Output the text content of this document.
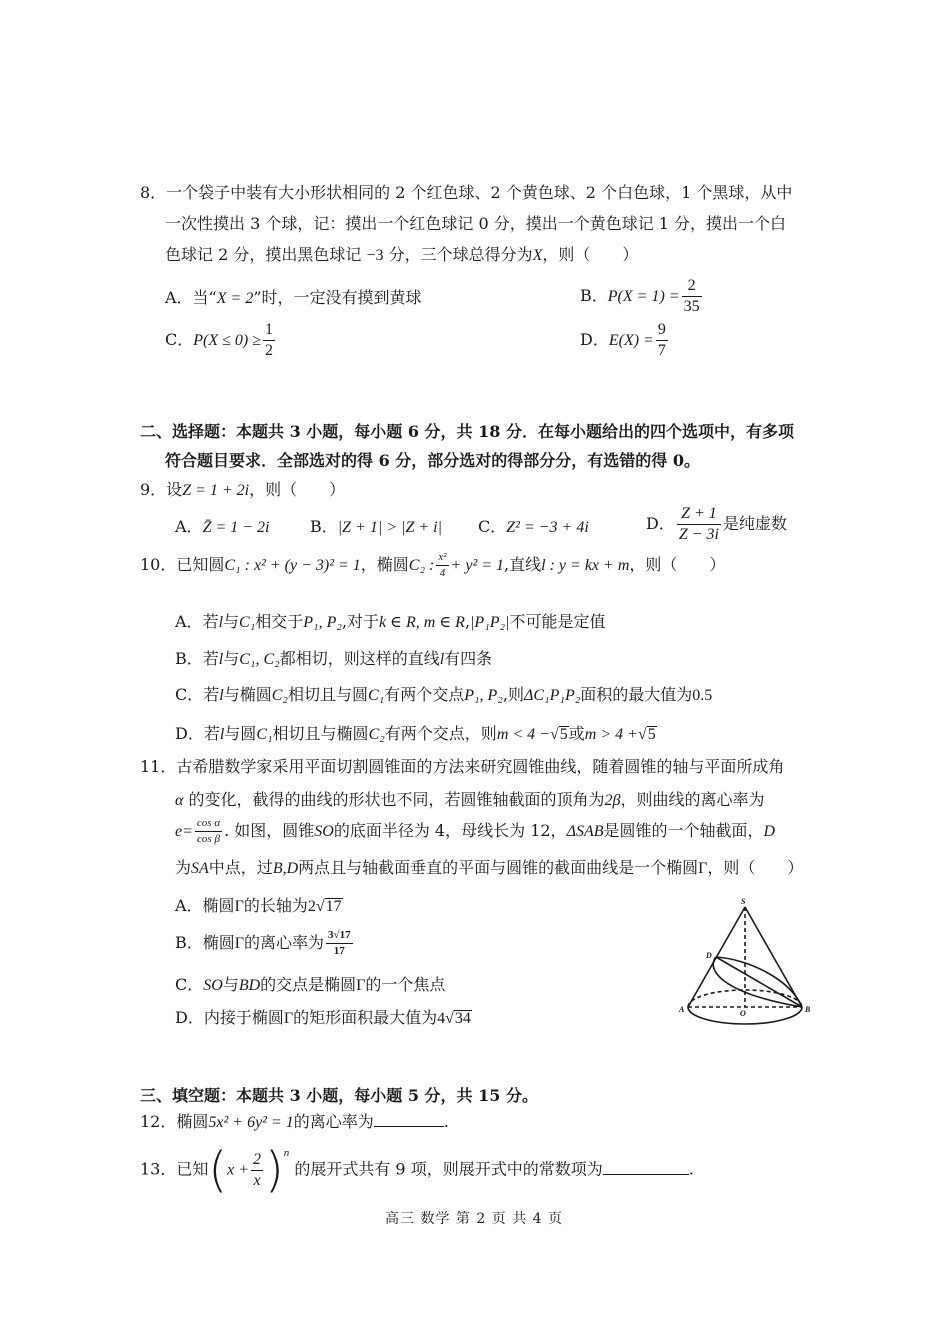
8．一个袋子中装有大小形状相同的 2 个红色球、2 个黄色球、2 个白色球，1 个黑球，从中
一次性摸出 3 个球，记：摸出一个红色球记 0 分，摸出一个黄色球记 1 分，摸出一个白
色球记 2 分，摸出黑色球记 −3 分，三个球总得分为X，则（　　）
A．当“X = 2”时，一定没有摸到黄球	B．$P(X = 1) = \frac{2}{35}$
C．$P(X \le 0) \ge \frac{1}{2}$	D．$E(X) = \frac{9}{7}$
二、选择题：本题共 3 小题，每小题 6 分，共 18 分．在每小题给出的四个选项中，有多项
符合题目要求．全部选对的得 6 分，部分选对的得部分分，有选错的得 0。
9．设Z = 1 + 2i，则（　　）
A．Z̄ = 1 − 2i	B．|Z + 1| > |Z + i| C．Z² = −3 + 4i	D． $\frac{Z + 1}{Z - 3i}$ 是纯虚数
10．已知圆C₁ : x² + (y − 3)² = 1，椭圆C₂ : $\frac{\text{x²}}{4} + y^2 = 1$,直线l : y = kx + m，则（　　）
A．若l与C₁相交于P₁, P₂,对于k ∈ R, m ∈ R,|P₁P₂|不可能是定值
B．若l与C₁, C₂都相切，则这样的直线l有四条
C．若l与椭圆C₂相切且与圆C₁有两个交点P₁, P₂,则ΔC₁P₁P₂面积的最大值为0.5
D．若l与圆C₁相切且与椭圆C₂有两个交点，则m < 4 −√5或m > 4 +√5
11．古希腊数学家采用平面切割圆锥面的方法来研究圆锥曲线，随着圆锥的轴与平面所成角
α 的变化，截得的曲线的形状也不同，若圆锥轴截面的顶角为2β，则曲线的离心率为
$e= \frac{\text{cos α}}{\text{cos β}}$ . 如图，圆锥SO的底面半径为 4，母线长为 12，ΔSAB是圆锥的一个轴截面，D
为SA中点，过B,D两点且与轴截面垂直的平面与圆锥的截面曲线是一个椭圆Γ，则（　　）
A．椭圆Γ的长轴为2√17
B．椭圆Γ的离心率为 $\frac{3√17}{17}$
C．SO与BD的交点是椭圆Γ的一个焦点
D．内接于椭圆Γ的矩形面积最大值为4√34
S
D
A	O	B
三、填空题：本题共 3 小题，每小题 5 分，共 15 分。
12．椭圆5x² + 6y² = 1的离心率为	.
13．已知$(x + \frac{2}{x} )^n$ 的展开式共有 9 项，则展开式中的常数项为	.
高三 数学 第 2 页 共 4 页
